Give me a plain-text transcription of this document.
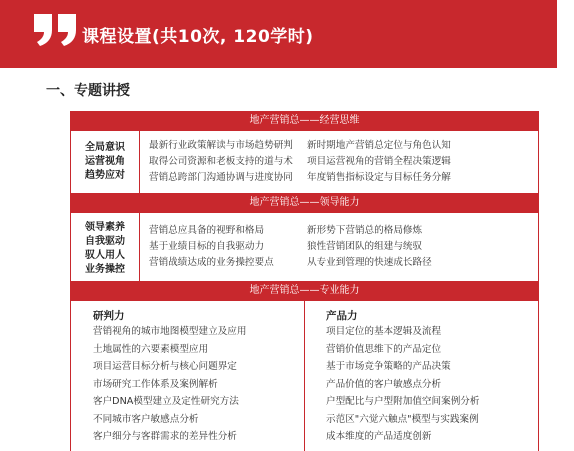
课程设置(共10次, 120学时)
一、专题讲授
地产营销总——经营思维
全局意识
运营视角
趋势应对
最新行业政策解读与市场趋势研判
取得公司资源和老板支持的道与术
营销总跨部门沟通协调与进度协同
新时期地产营销总定位与角色认知
项目运营视角的营销全程决策逻辑
年度销售指标设定与目标任务分解
地产营销总——领导能力
领导素养
自我驱动
驭人用人
业务操控
营销总应具备的视野和格局
基于业绩目标的自我驱动力
营销战绩达成的业务操控要点
新形势下营销总的格局修炼
狼性营销团队的组建与统驭
从专业到管理的快速成长路径
地产营销总——专业能力
研判力
营销视角的城市地图模型建立及应用
土地属性的六要素模型应用
项目运营目标分析与核心问题界定
市场研究工作体系及案例解析
客户DNA模型建立及定性研究方法
不同城市客户敏感点分析
客户细分与客群需求的差异性分析
产品力
项目定位的基本逻辑及流程
营销价值思维下的产品定位
基于市场竞争策略的产品决策
产品价值的客户敏感点分析
户型配比与户型附加值空间案例分析
示范区"六觉六触点"模型与实践案例
成本维度的产品适度创新
